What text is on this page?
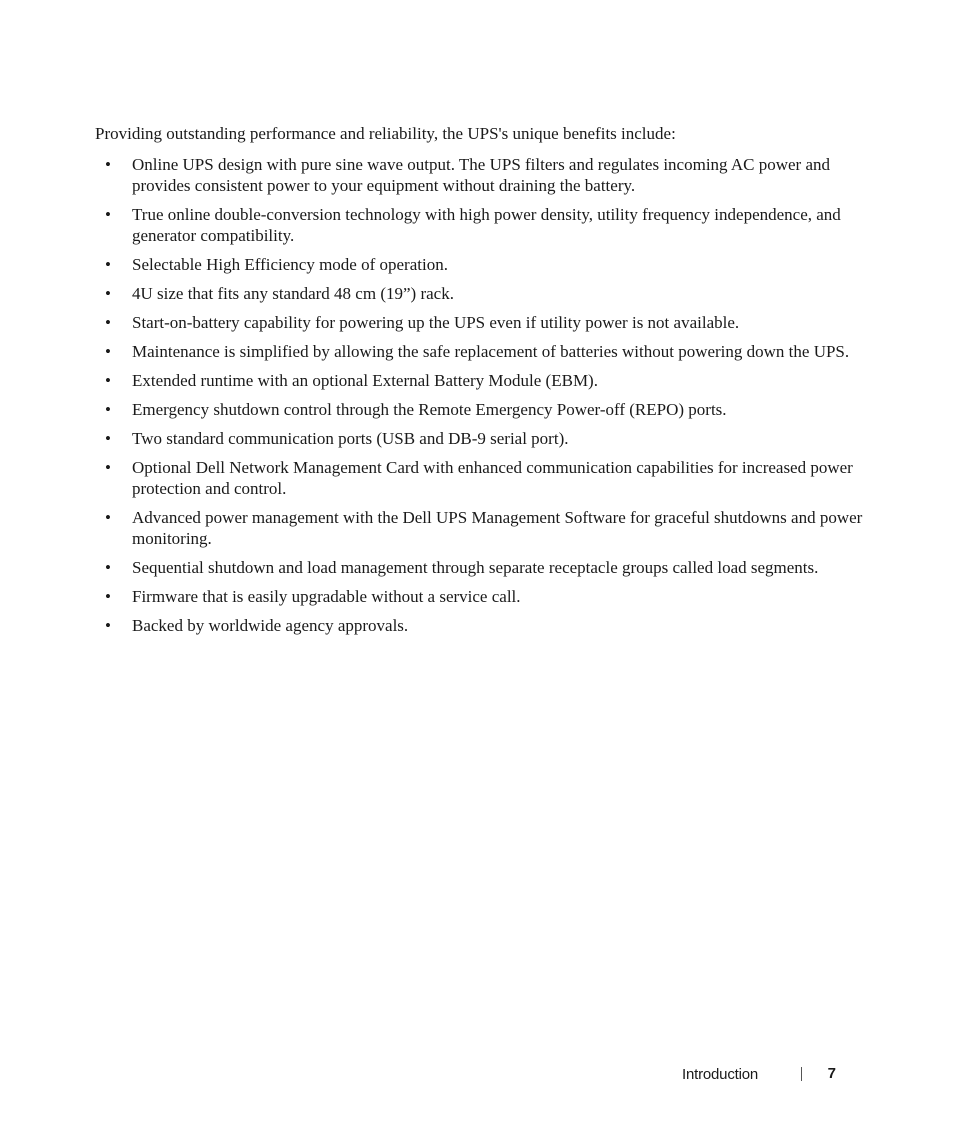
Providing outstanding performance and reliability, the UPS's unique benefits include:

•	Online UPS design with pure sine wave output. The UPS filters and regulates incoming AC power and provides consistent power to your equipment without draining the battery.
•	True online double-conversion technology with high power density, utility frequency independence, and generator compatibility.
•	Selectable High Efficiency mode of operation.
•	4U size that fits any standard 48 cm (19”) rack.
•	Start-on-battery capability for powering up the UPS even if utility power is not available.
•	Maintenance is simplified by allowing the safe replacement of batteries without powering down the UPS.
•	Extended runtime with an optional External Battery Module (EBM).
•	Emergency shutdown control through the Remote Emergency Power-off (REPO) ports.
•	Two standard communication ports (USB and DB-9 serial port).
•	Optional Dell Network Management Card with enhanced communication capabilities for increased power protection and control.
•	Advanced power management with the Dell UPS Management Software for graceful shutdowns and power monitoring.
•	Sequential shutdown and load management through separate receptacle groups called load segments.
•	Firmware that is easily upgradable without a service call.
•	Backed by worldwide agency approvals.
Introduction	7
